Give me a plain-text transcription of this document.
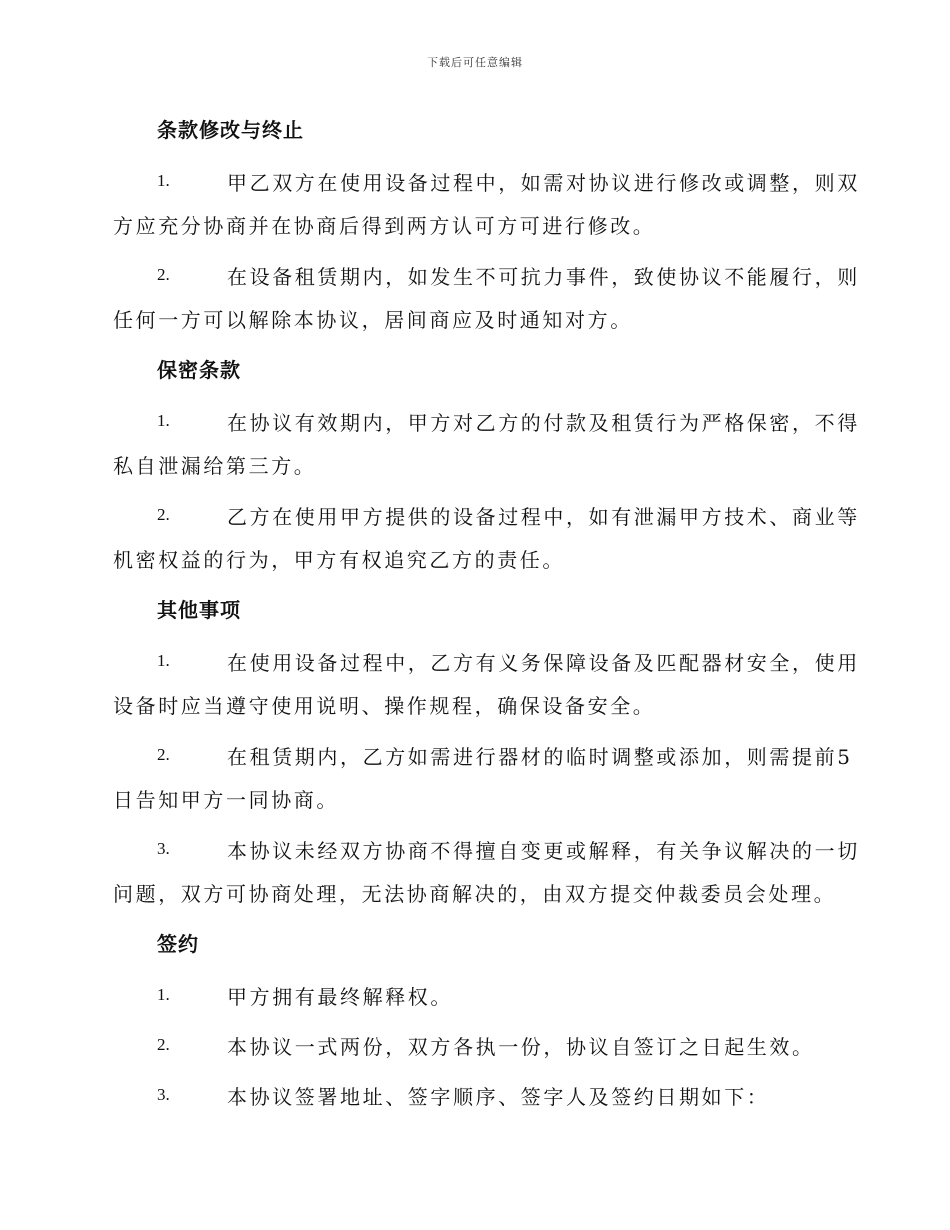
下载后可任意编辑
条款修改与终止
1.	甲乙双方在使用设备过程中，如需对协议进行修改或调整，则双
方应充分协商并在协商后得到两方认可方可进行修改。
2.	在设备租赁期内，如发生不可抗力事件，致使协议不能履行，则
任何一方可以解除本协议，居间商应及时通知对方。
保密条款
1.	在协议有效期内，甲方对乙方的付款及租赁行为严格保密，不得
私自泄漏给第三方。
2.	乙方在使用甲方提供的设备过程中，如有泄漏甲方技术、商业等
机密权益的行为，甲方有权追究乙方的责任。
其他事项
1.	在使用设备过程中，乙方有义务保障设备及匹配器材安全，使用
设备时应当遵守使用说明、操作规程，确保设备安全。
2.	在租赁期内，乙方如需进行器材的临时调整或添加，则需提前5
日告知甲方一同协商。
3.	本协议未经双方协商不得擅自变更或解释，有关争议解决的一切
问题，双方可协商处理，无法协商解决的，由双方提交仲裁委员会处理。
签约
1.	甲方拥有最终解释权。
2.	本协议一式两份，双方各执一份，协议自签订之日起生效。
3.	本协议签署地址、签字顺序、签字人及签约日期如下：
